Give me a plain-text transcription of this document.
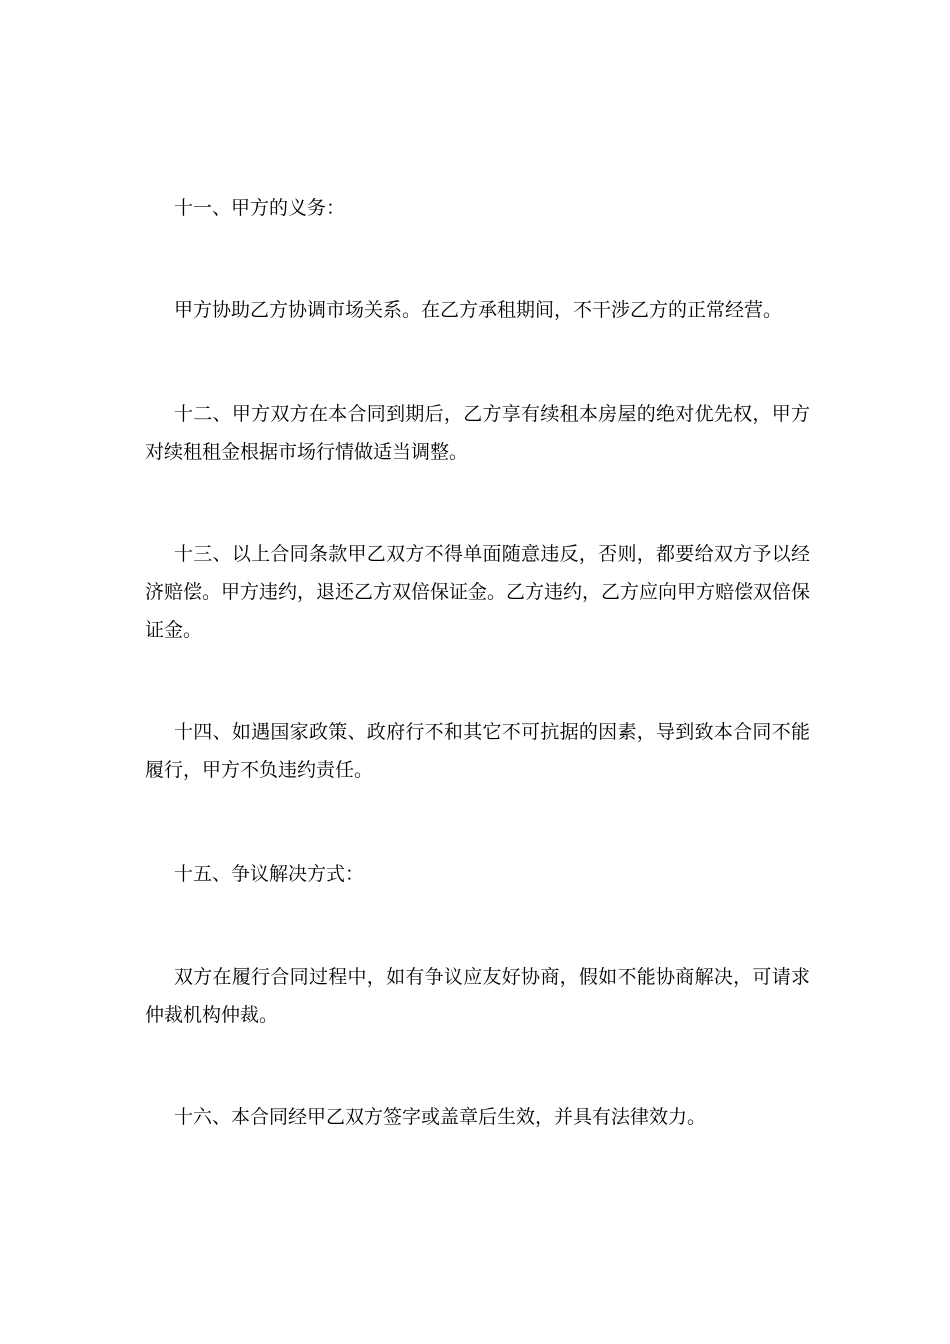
十一、甲方的义务：

甲方协助乙方协调市场关系。在乙方承租期间，不干涉乙方的正常经营。

十二、甲方双方在本合同到期后，乙方享有续租本房屋的绝对优先权，甲方对续租租金根据市场行情做适当调整。

十三、以上合同条款甲乙双方不得单面随意违反，否则，都要给双方予以经济赔偿。甲方违约，退还乙方双倍保证金。乙方违约，乙方应向甲方赔偿双倍保证金。

十四、如遇国家政策、政府行不和其它不可抗据的因素，导到致本合同不能履行，甲方不负违约责任。

十五、争议解决方式：

双方在履行合同过程中，如有争议应友好协商，假如不能协商解决，可请求仲裁机构仲裁。

十六、本合同经甲乙双方签字或盖章后生效，并具有法律效力。
